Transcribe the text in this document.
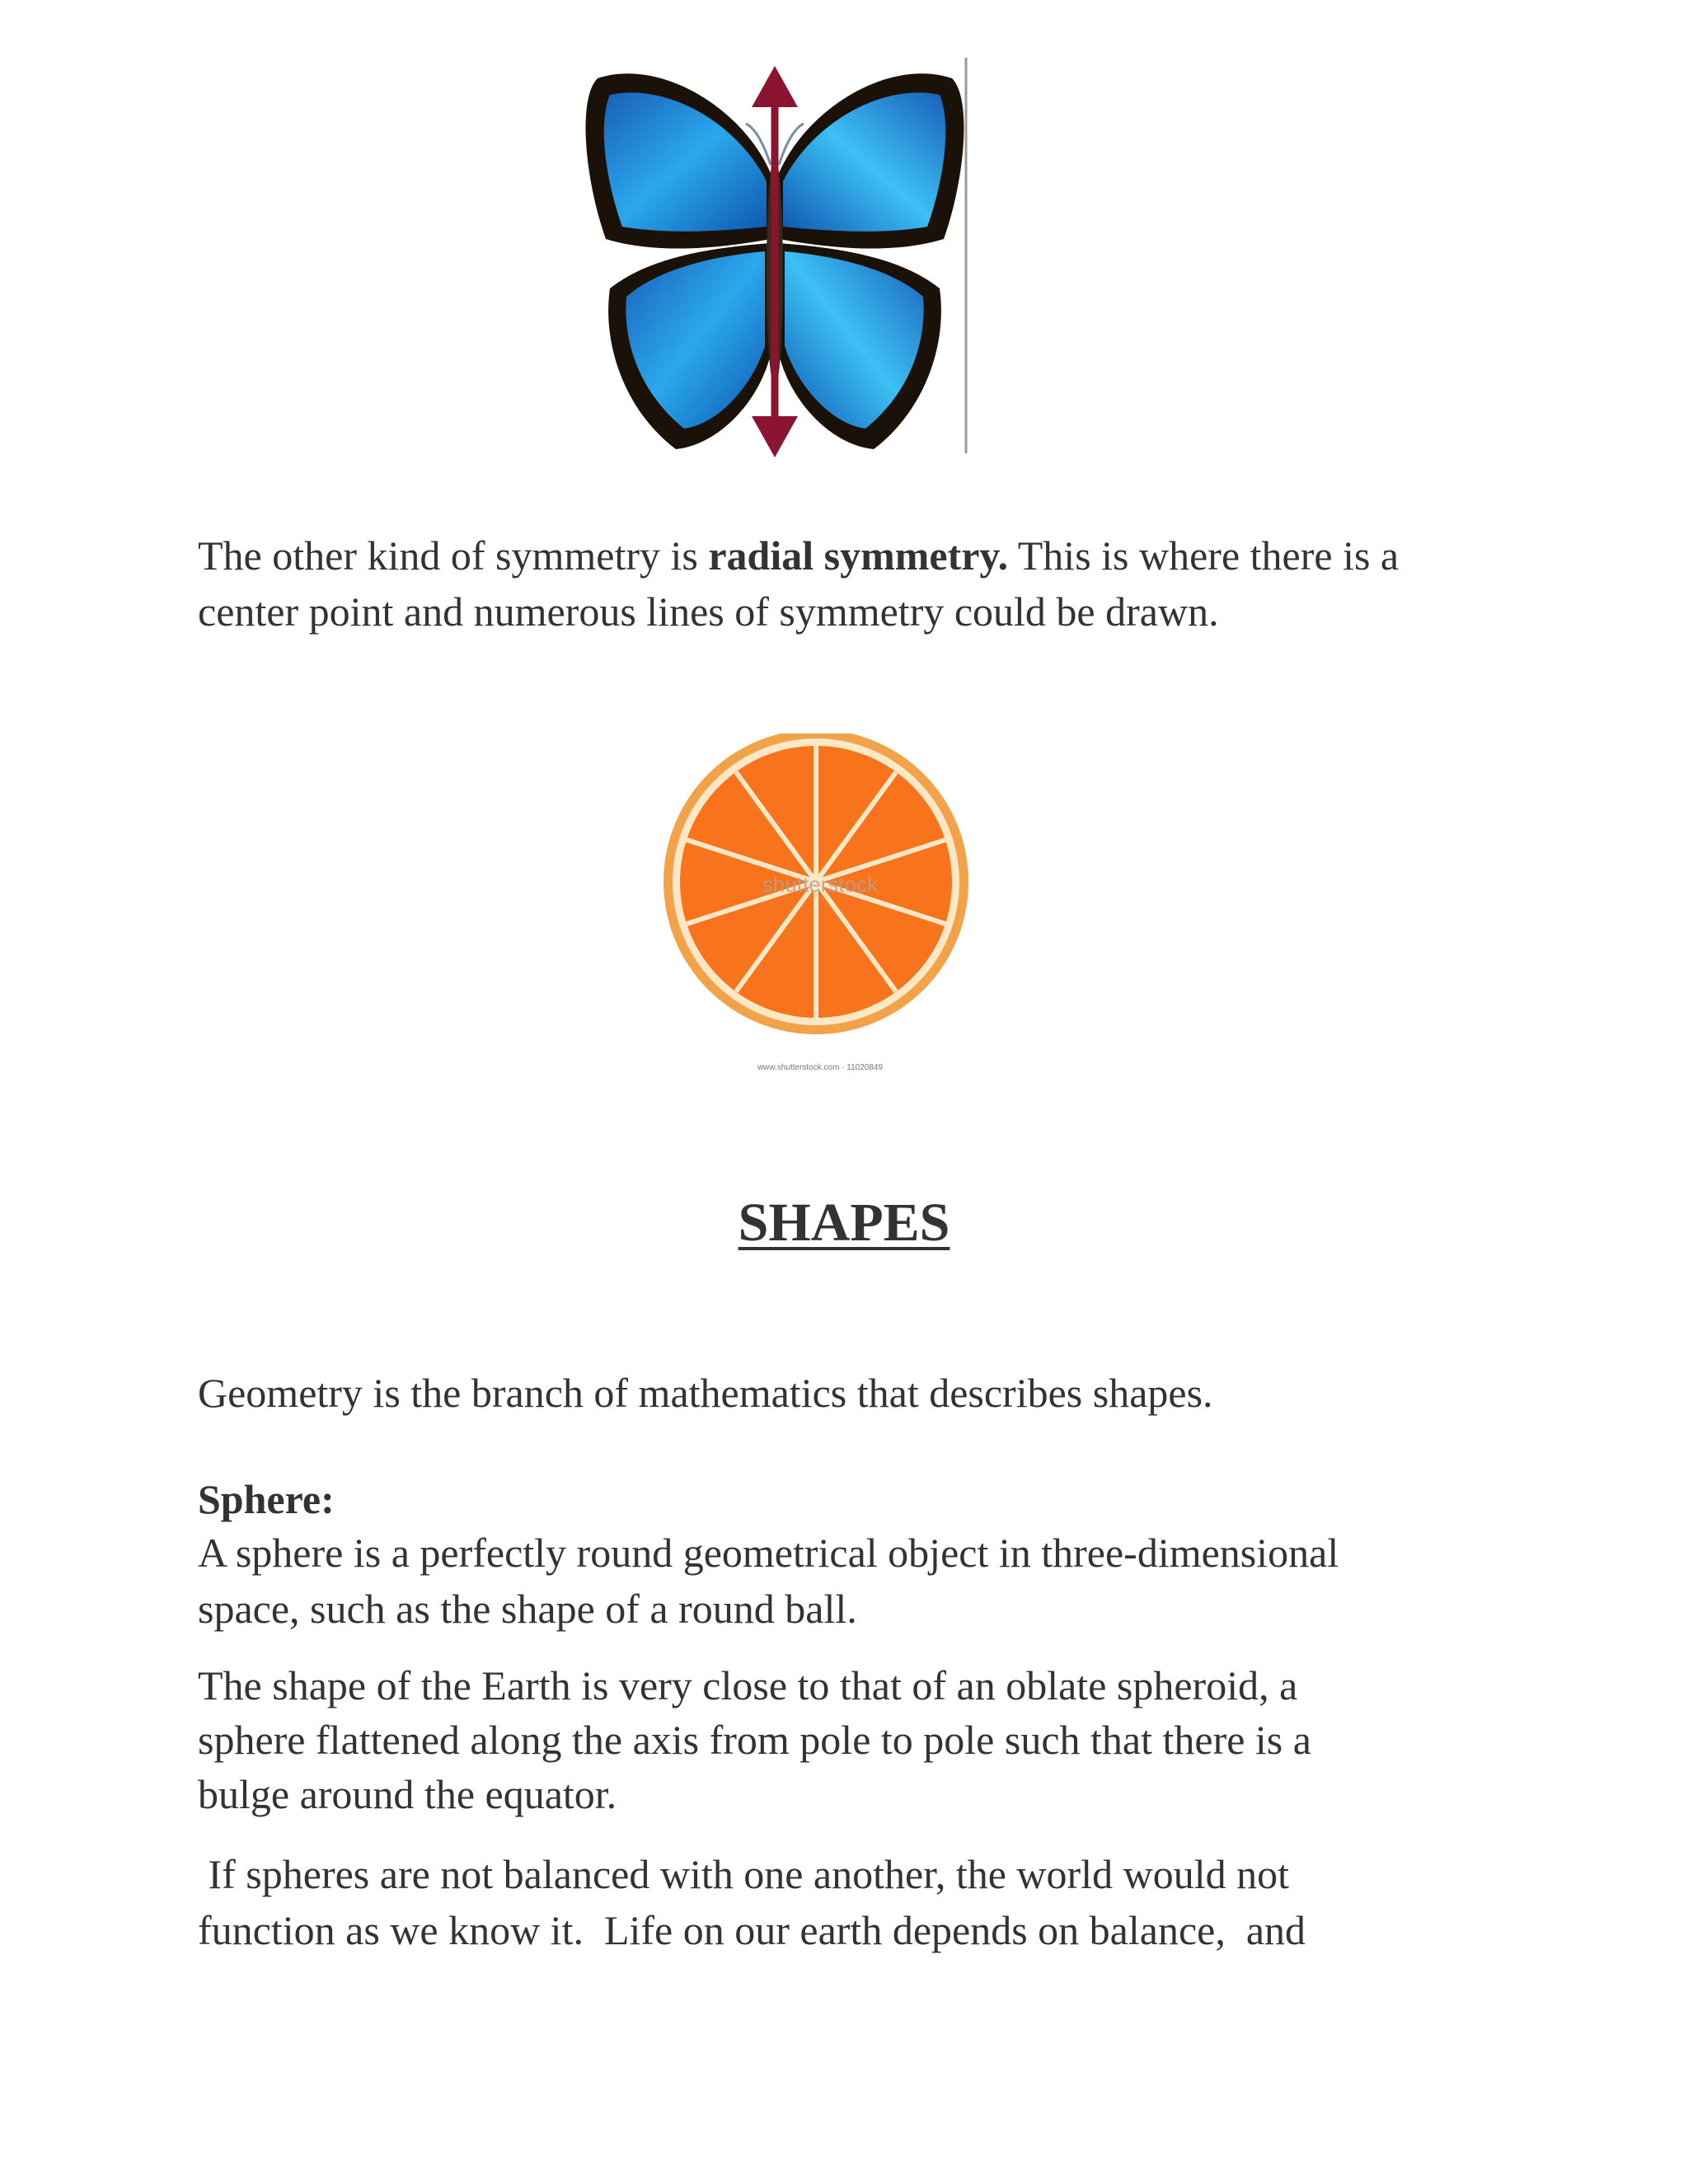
The other kind of symmetry is radial symmetry. This is where there is a
center point and numerous lines of symmetry could be drawn.

shutterstock
www.shutterstock.com · 11020849
SHAPES

Geometry is the branch of mathematics that describes shapes.

Sphere:

A sphere is a perfectly round geometrical object in three-dimensional
space, such as the shape of a round ball.

The shape of the Earth is very close to that of an oblate spheroid, a
sphere flattened along the axis from pole to pole such that there is a
bulge around the equator.

If spheres are not balanced with one another, the world would not
function as we know it.  Life on our earth depends on balance,  and
